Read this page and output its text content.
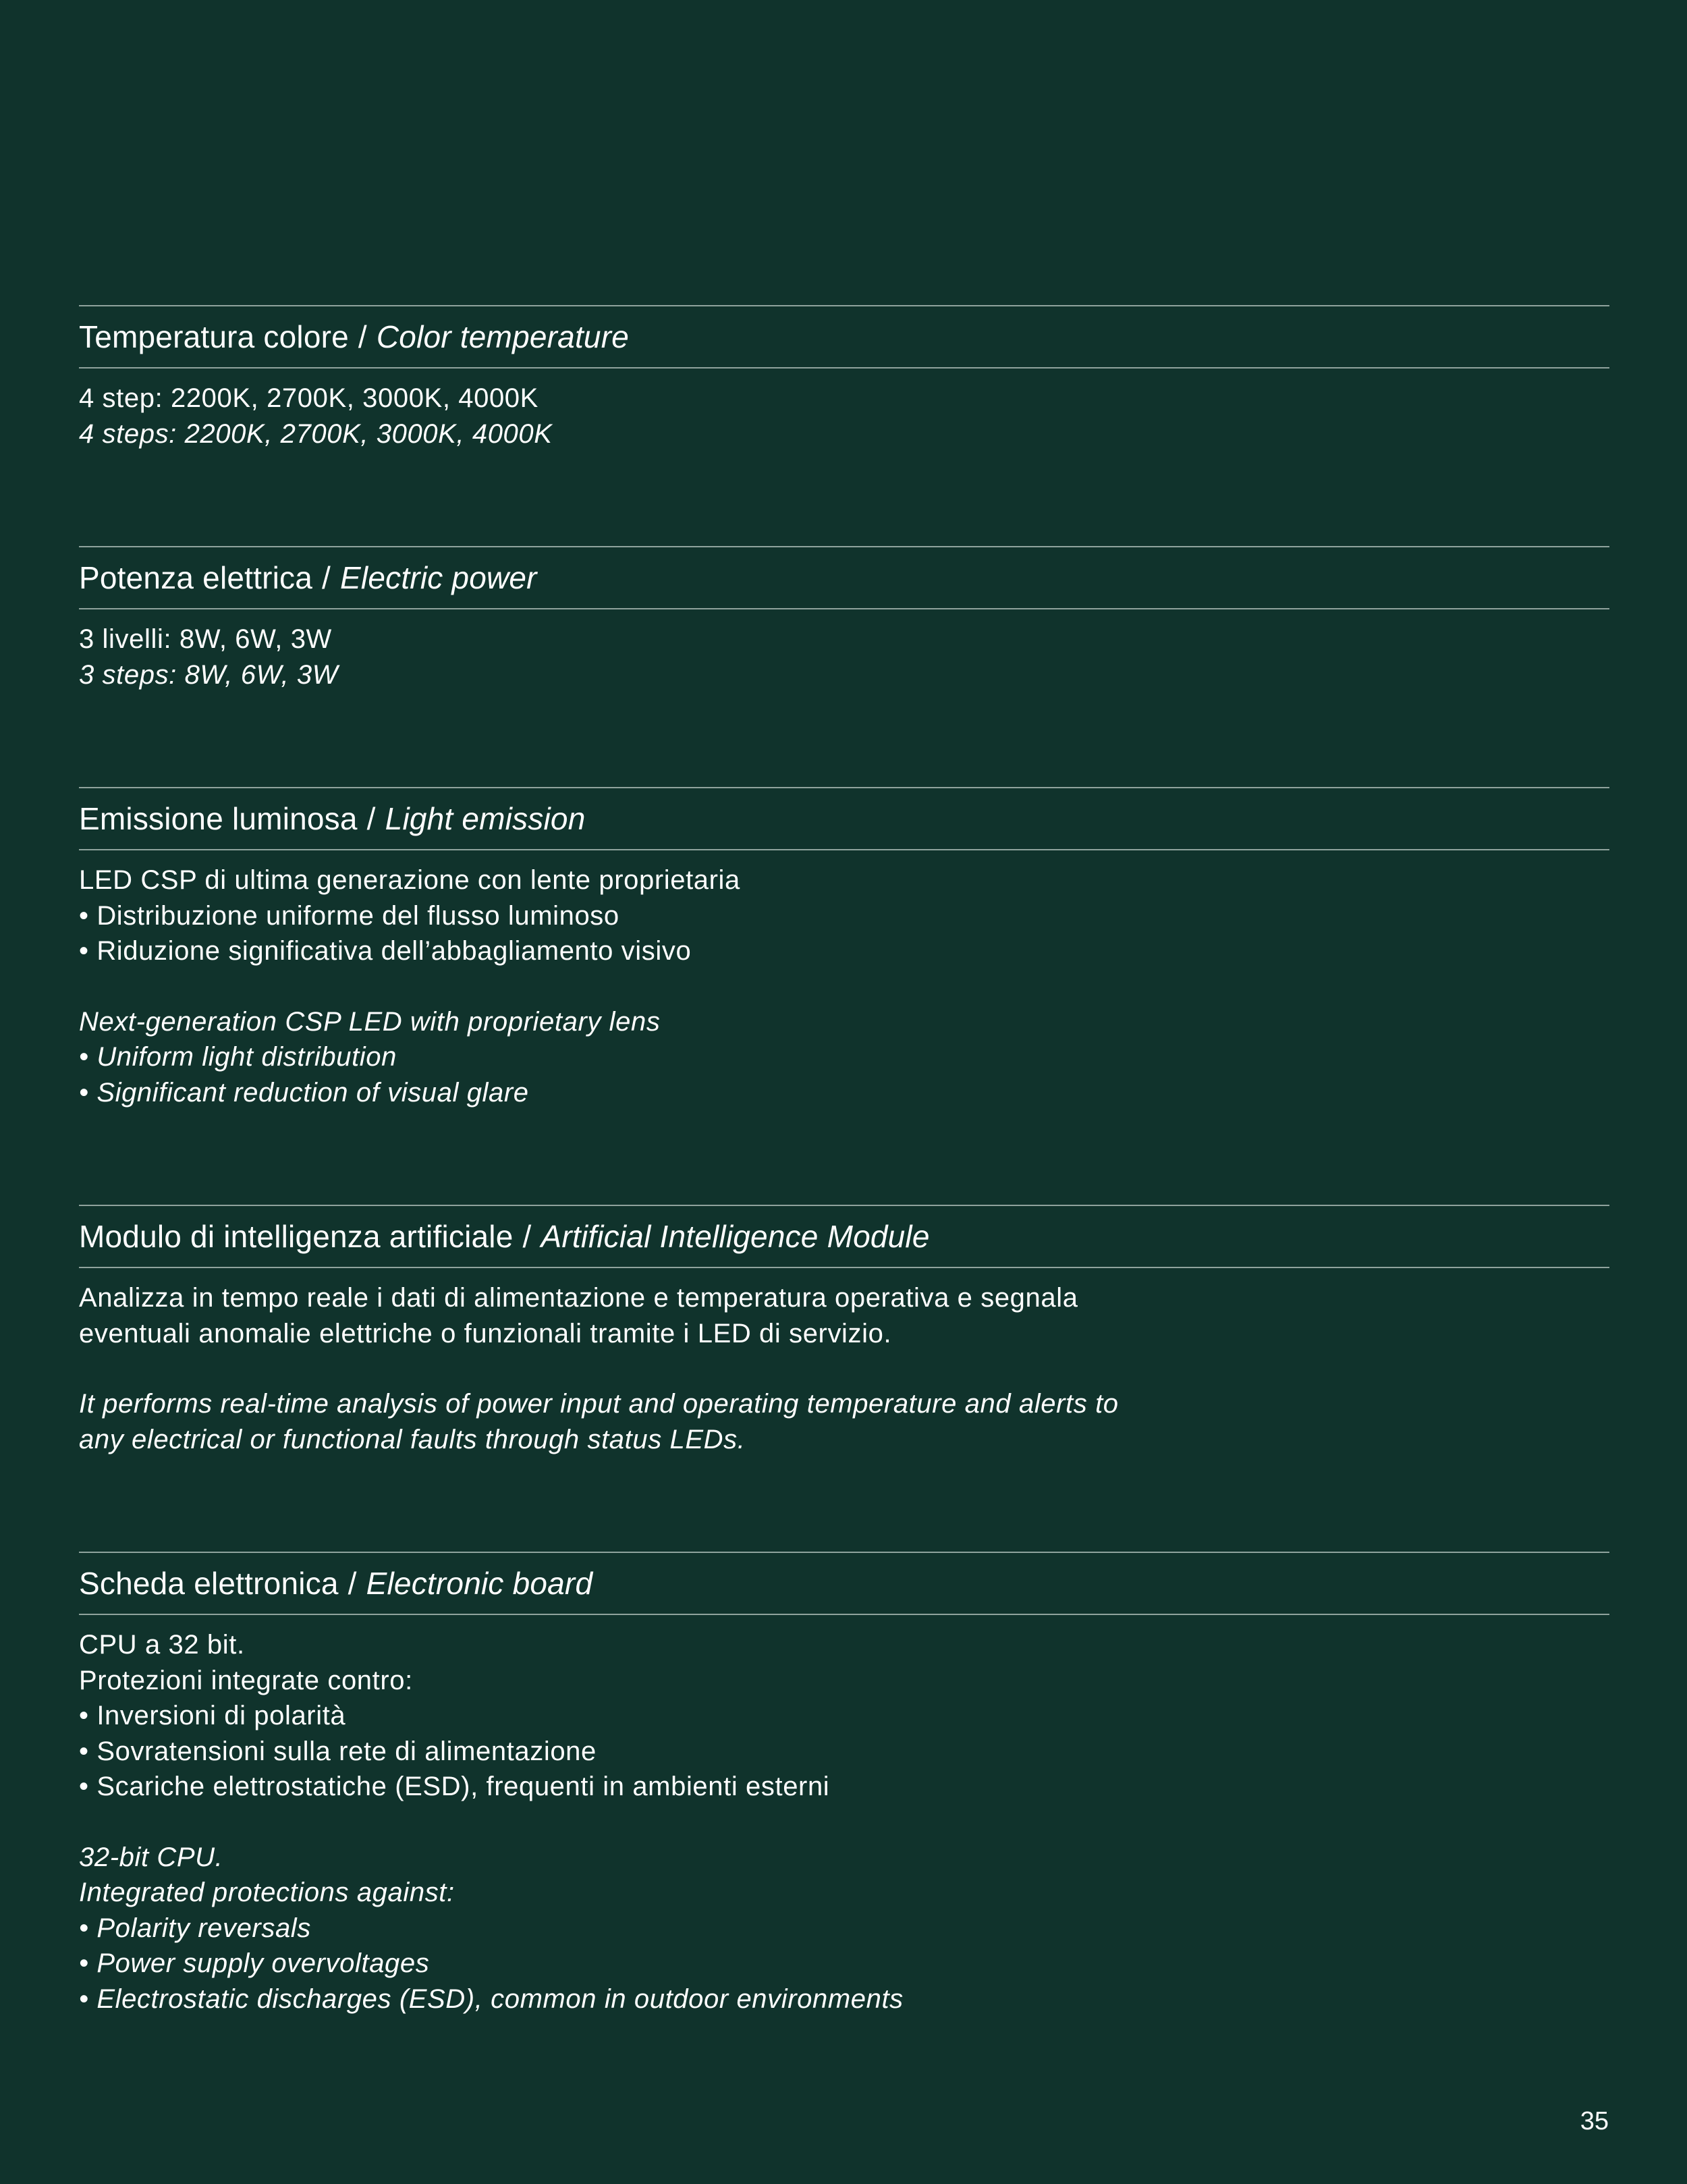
Temperatura colore / Color temperature
4 step: 2200K, 2700K, 3000K, 4000K
4 steps: 2200K, 2700K, 3000K, 4000K
Potenza elettrica / Electric power
3 livelli: 8W, 6W, 3W
3 steps: 8W, 6W, 3W
Emissione luminosa / Light emission
LED CSP di ultima generazione con lente proprietaria
• Distribuzione uniforme del flusso luminoso
• Riduzione significativa dell’abbagliamento visivo
Next-generation CSP LED with proprietary lens
• Uniform light distribution
• Significant reduction of visual glare
Modulo di intelligenza artificiale / Artificial Intelligence Module
Analizza in tempo reale i dati di alimentazione e temperatura operativa e segnala
eventuali anomalie elettriche o funzionali tramite i LED di servizio.
It performs real-time analysis of power input and operating temperature and alerts to
any electrical or functional faults through status LEDs.
Scheda elettronica / Electronic board
CPU a 32 bit.
Protezioni integrate contro:
• Inversioni di polarità
• Sovratensioni sulla rete di alimentazione
• Scariche elettrostatiche (ESD), frequenti in ambienti esterni
32-bit CPU.
Integrated protections against:
• Polarity reversals
• Power supply overvoltages
• Electrostatic discharges (ESD), common in outdoor environments
35
